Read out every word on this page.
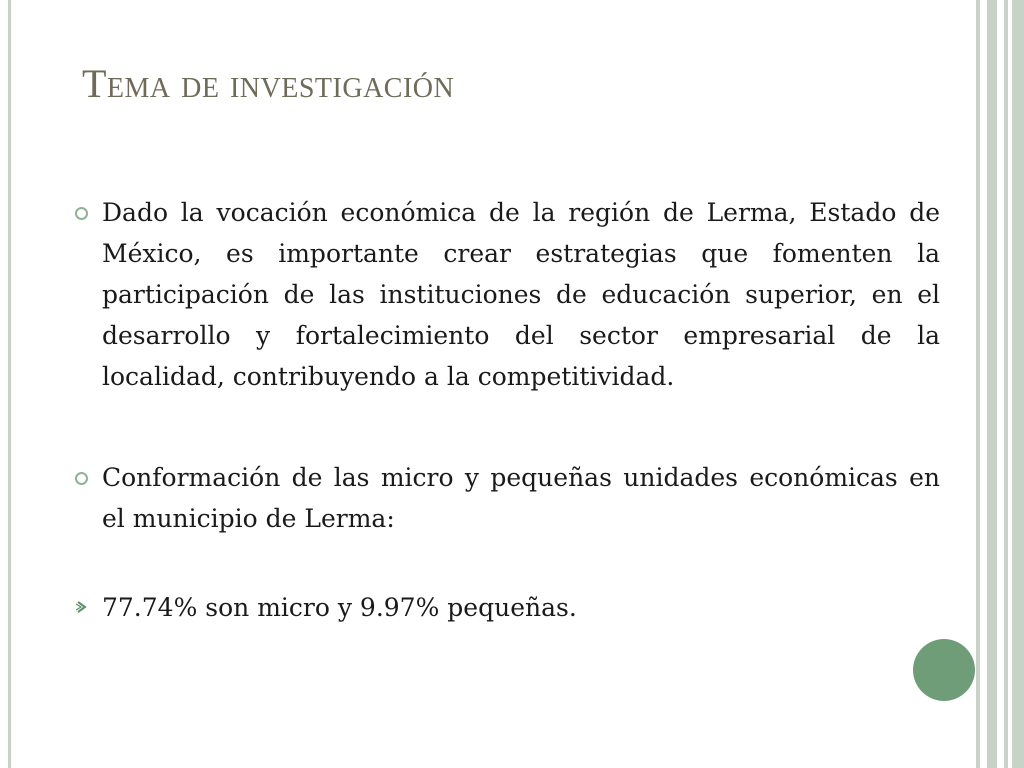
Tema de investigación
Dado la vocación económica de la región de Lerma, Estado de México, es importante crear estrategias que fomenten la participación de las instituciones de educación superior, en el desarrollo y fortalecimiento del sector empresarial de la localidad, contribuyendo a la competitividad.
Conformación de las micro y pequeñas unidades económicas en el municipio de Lerma:
77.74% son micro y 9.97% pequeñas.
